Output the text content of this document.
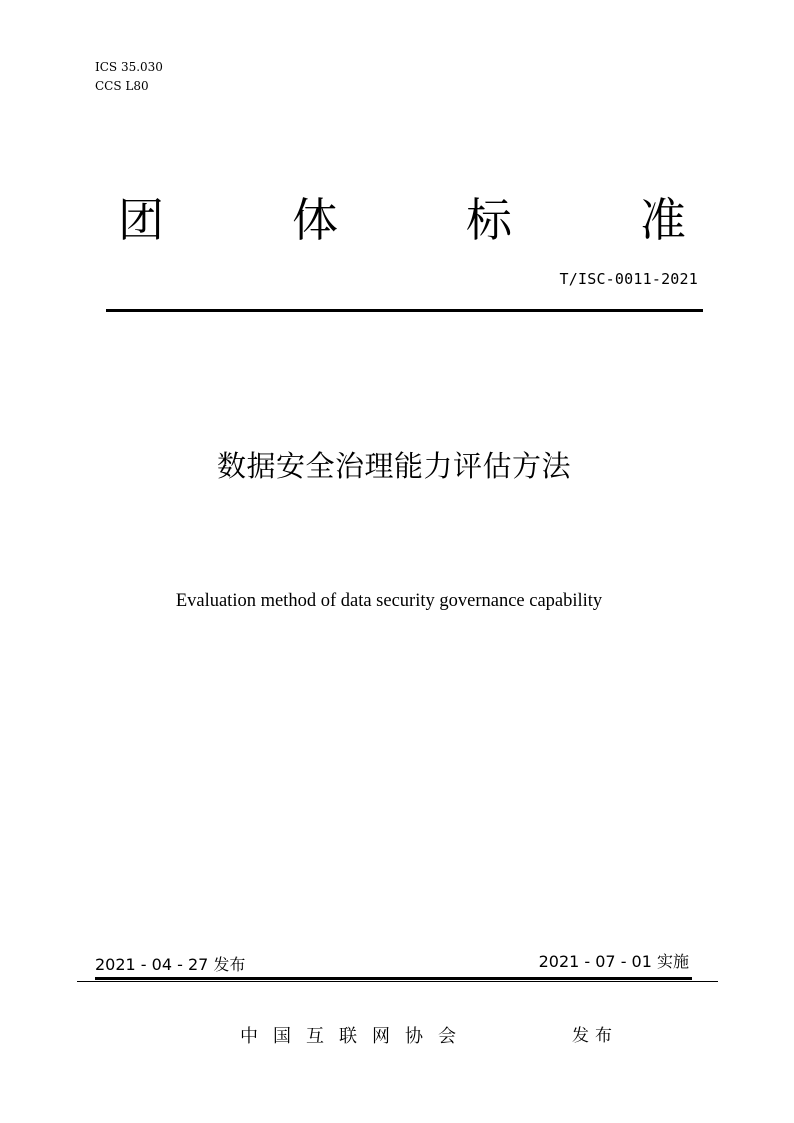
ICS 35.030
CCS L80
团	体	标	准
T/ISC-0011-2021
数据安全治理能力评估方法
Evaluation method of data security governance capability
2021 - 04 - 27 发布	2021 - 07 - 01 实施
中国互联网协会	发布
